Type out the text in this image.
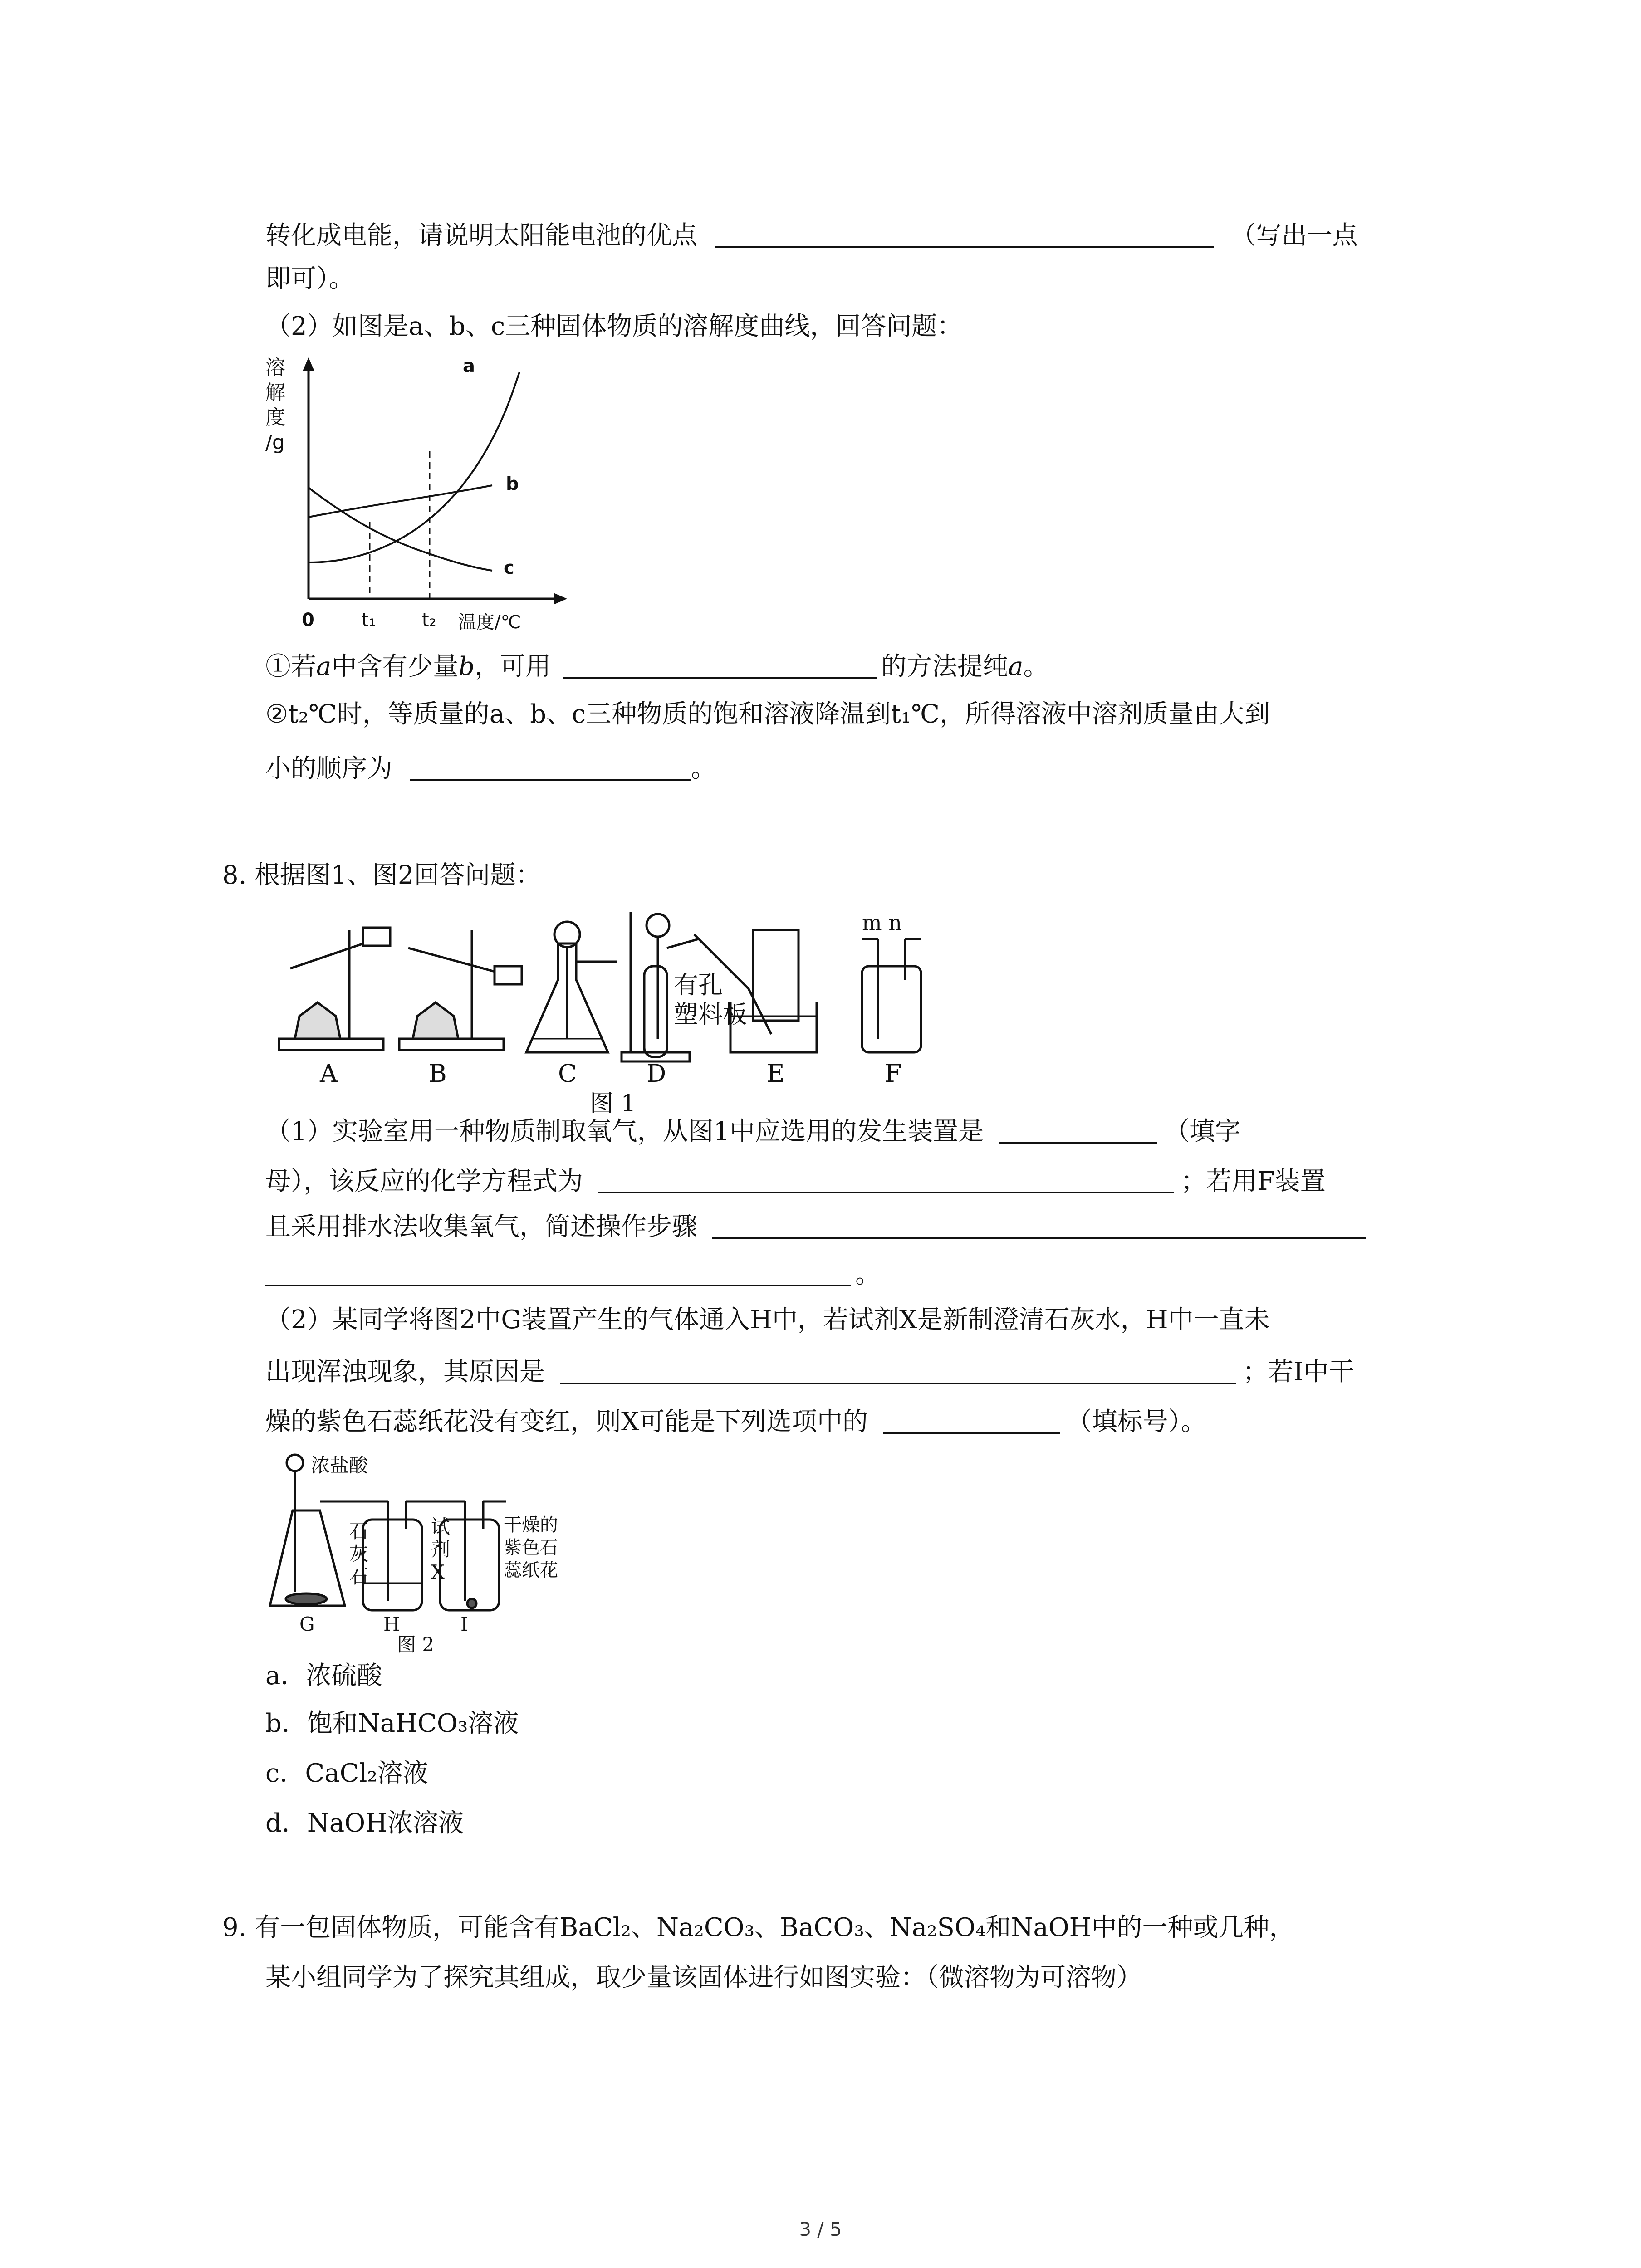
转化成电能，请说明太阳能电池的优点	（写出一点
即可）。
（2）如图是a、b、c三种固体物质的溶解度曲线，回答问题：
溶
解
度
/g
a
b
c
0	t₁	t₂ 温度/℃
①若a中含有少量b，可用	的方法提纯a。
②t₂℃时，等质量的a、b、c三种物质的饱和溶液降温到t₁℃，所得溶液中溶剂质量由大到
小的顺序为	。
8. 根据图1、图2回答问题：
A	B	C	D	E	F
m n
有孔
塑料板
图 1
（1）实验室用一种物质制取氧气，从图1中应选用的发生装置是	（填字
母），该反应的化学方程式为	；若用F装置
且采用排水法收集氧气，简述操作步骤
。
（2）某同学将图2中G装置产生的气体通入H中，若试剂X是新制澄清石灰水，H中一直未
出现浑浊现象，其原因是	；若I中干
燥的紫色石蕊纸花没有变红，则X可能是下列选项中的	（填标号）。
浓盐酸
石
灰
石
试
剂
X
干燥的
紫色石
蕊纸花
G	H	I
图 2
a．浓硫酸
b．饱和NaHCO₃溶液
c．CaCl₂溶液
d．NaOH浓溶液
9. 有一包固体物质，可能含有BaCl₂、Na₂CO₃、BaCO₃、Na₂SO₄和NaOH中的一种或几种，
某小组同学为了探究其组成，取少量该固体进行如图实验：（微溶物为可溶物）
3 / 5
